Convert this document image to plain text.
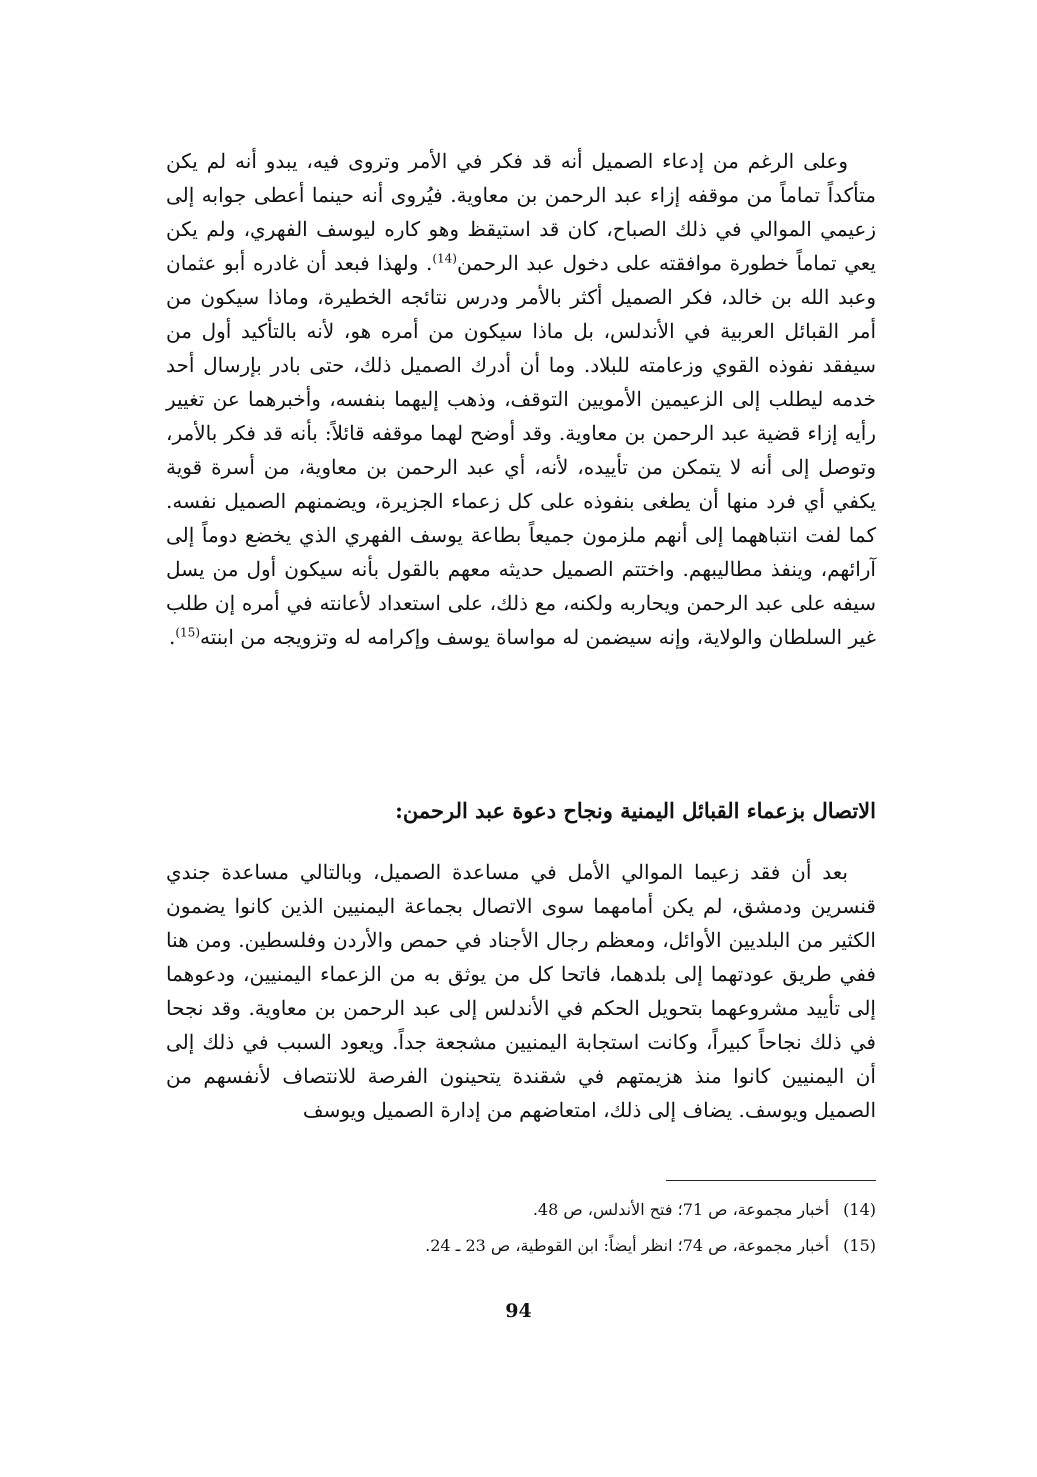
وعلى الرغم من إدعاء الصميل أنه قد فكر في الأمر وتروى فيه، يبدو أنه لم يكن متأكداً تماماً من موقفه إزاء عبد الرحمن بن معاوية. فيُروى أنه حينما أعطى جوابه إلى زعيمي الموالي في ذلك الصباح، كان قد استيقظ وهو كاره ليوسف الفهري، ولم يكن يعي تماماً خطورة موافقته على دخول عبد الرحمن$^{(14)}$. ولهذا فبعد أن غادره أبو عثمان وعبد الله بن خالد، فكر الصميل أكثر بالأمر ودرس نتائجه الخطيرة، وماذا سيكون من أمر القبائل العربية في الأندلس، بل ماذا سيكون من أمره هو، لأنه بالتأكيد أول من سيفقد نفوذه القوي وزعامته للبلاد. وما أن أدرك الصميل ذلك، حتى بادر بإرسال أحد خدمه ليطلب إلى الزعيمين الأمويين التوقف، وذهب إليهما بنفسه، وأخبرهما عن تغيير رأيه إزاء قضية عبد الرحمن بن معاوية. وقد أوضح لهما موقفه قائلاً: بأنه قد فكر بالأمر، وتوصل إلى أنه لا يتمكن من تأييده، لأنه، أي عبد الرحمن بن معاوية، من أسرة قوية يكفي أي فرد منها أن يطغى بنفوذه على كل زعماء الجزيرة، ويضمنهم الصميل نفسه. كما لفت انتباههما إلى أنهم ملزمون جميعاً بطاعة يوسف الفهري الذي يخضع دوماً إلى آرائهم، وينفذ مطاليبهم. واختتم الصميل حديثه معهم بالقول بأنه سيكون أول من يسل سيفه على عبد الرحمن ويحاربه ولكنه، مع ذلك، على استعداد لأعانته في أمره إن طلب غير السلطان والولاية، وإنه سيضمن له مواساة يوسف وإكرامه له وتزويجه من ابنته$^{(15)}$.

الاتصال بزعماء القبائل اليمنية ونجاح دعوة عبد الرحمن:

بعد أن فقد زعيما الموالي الأمل في مساعدة الصميل، وبالتالي مساعدة جندي قنسرين ودمشق، لم يكن أمامهما سوى الاتصال بجماعة اليمنيين الذين كانوا يضمون الكثير من البلديين الأوائل، ومعظم رجال الأجناد في حمص والأردن وفلسطين. ومن هنا ففي طريق عودتهما إلى بلدهما، فاتحا كل من يوثق به من الزعماء اليمنيين، ودعوهما إلى تأييد مشروعهما بتحويل الحكم في الأندلس إلى عبد الرحمن بن معاوية. وقد نجحا في ذلك نجاحاً كبيراً، وكانت استجابة اليمنيين مشجعة جداً. ويعود السبب في ذلك إلى أن اليمنيين كانوا منذ هزيمتهم في شقندة يتحينون الفرصة للانتصاف لأنفسهم من الصميل ويوسف. يضاف إلى ذلك، امتعاضهم من إدارة الصميل ويوسف

(14)أخبار مجموعة، ص 71؛ فتح الأندلس، ص 48.
(15)أخبار مجموعة، ص 74؛ انظر أيضاً: ابن القوطية، ص 23 ـ 24.
94
